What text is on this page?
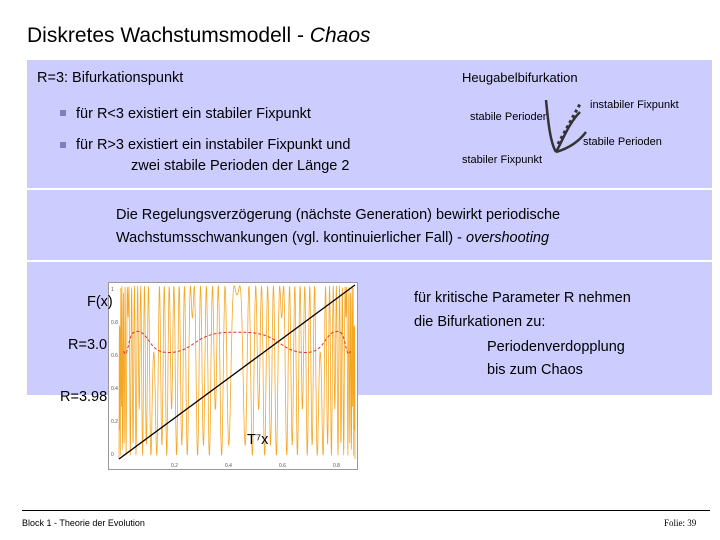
Diskretes Wachstumsmodell - Chaos
R=3: Bifurkationspunkt
für R<3 existiert ein stabiler Fixpunkt
für R>3 existiert ein instabiler Fixpunkt und
zwei stabile Perioden der Länge 2
Heugabelbifurkation
instabiler Fixpunkt
stabile Perioden
stabile Perioden
stabiler Fixpunkt
Die Regelungsverzögerung (nächste Generation) bewirkt periodische
Wachstumsschwankungen (vgl. kontinuierlicher Fall) - overshooting
1
0.8
0.6
0.4
0.2
0
0.2	0.4	0.6	0.8
F(x)
R=3.0
R=3.98
T⁷x
für kritische Parameter R nehmen
die Bifurkationen zu:
Periodenverdopplung
bis zum Chaos
Block 1 - Theorie der Evolution	Folie: 39
